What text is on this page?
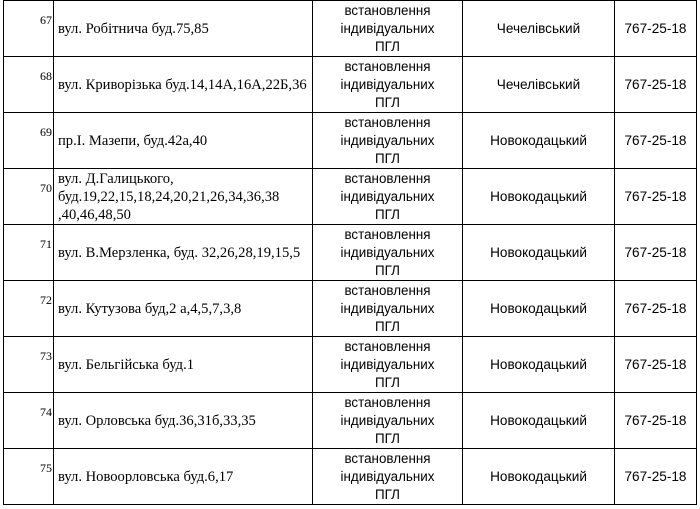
67	вул. Робітнича буд.75,85	встановлення
індивідуальних
ПГЛ	Чечелівський	767-25-18

68	вул. Криворізька буд.14,14А,16А,22Б,36	встановлення
індивідуальних
ПГЛ	Чечелівський	767-25-18

69	пр.І. Мазепи, буд.42а,40	встановлення
індивідуальних
ПГЛ	Новокодацький	767-25-18

70	вул. Д.Галицького, буд.19,22,15,18,24,20,21,26,34,36,38 ,40,46,48,50	встановлення
індивідуальних
ПГЛ	Новокодацький	767-25-18

71	вул. В.Мерзленка, буд. 32,26,28,19,15,5	встановлення
індивідуальних
ПГЛ	Новокодацький	767-25-18

72	вул. Кутузова буд,2 а,4,5,7,3,8	встановлення
індивідуальних
ПГЛ	Новокодацький	767-25-18

73	вул. Бельгійська буд.1	встановлення
індивідуальних
ПГЛ	Новокодацький	767-25-18

74	вул. Орловська буд.36,31б,33,35	встановлення
індивідуальних
ПГЛ	Новокодацький	767-25-18

75	вул. Новоорловська буд.6,17	встановлення
індивідуальних
ПГЛ	Новокодацький	767-25-18
